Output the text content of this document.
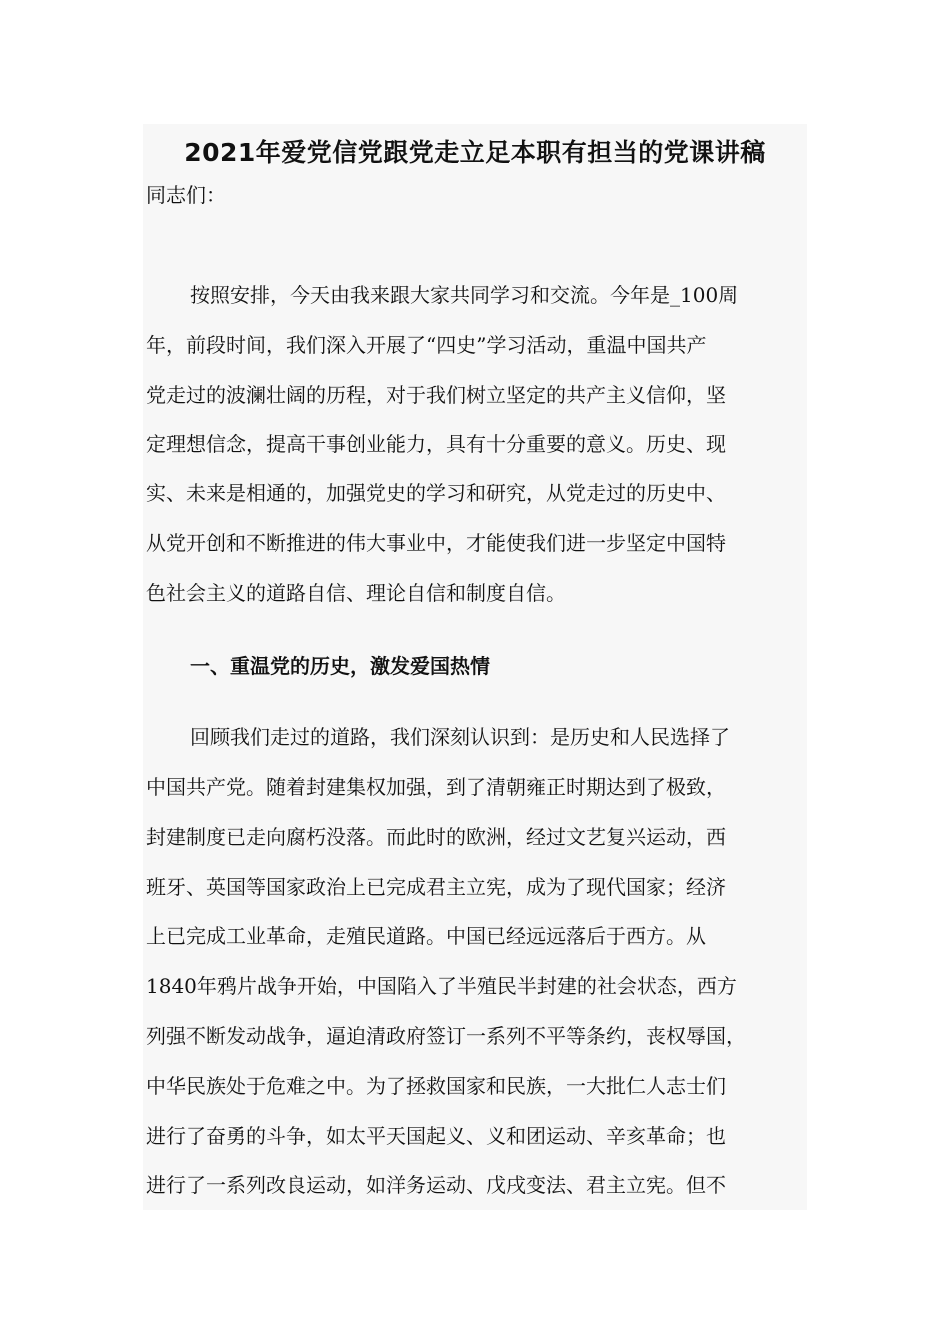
2021年爱党信党跟党走立足本职有担当的党课讲稿
同志们：
按照安排，今天由我来跟大家共同学习和交流。今年是_100周
年，前段时间，我们深入开展了“四史”学习活动，重温中国共产
党走过的波澜壮阔的历程，对于我们树立坚定的共产主义信仰，坚
定理想信念，提高干事创业能力，具有十分重要的意义。历史、现
实、未来是相通的，加强党史的学习和研究，从党走过的历史中、
从党开创和不断推进的伟大事业中，才能使我们进一步坚定中国特
色社会主义的道路自信、理论自信和制度自信。
一、重温党的历史，激发爱国热情
回顾我们走过的道路，我们深刻认识到：是历史和人民选择了
中国共产党。随着封建集权加强，到了清朝雍正时期达到了极致，
封建制度已走向腐朽没落。而此时的欧洲，经过文艺复兴运动，西
班牙、英国等国家政治上已完成君主立宪，成为了现代国家；经济
上已完成工业革命，走殖民道路。中国已经远远落后于西方。从
1840年鸦片战争开始，中国陷入了半殖民半封建的社会状态，西方
列强不断发动战争，逼迫清政府签订一系列不平等条约，丧权辱国，
中华民族处于危难之中。为了拯救国家和民族，一大批仁人志士们
进行了奋勇的斗争，如太平天国起义、义和团运动、辛亥革命；也
进行了一系列改良运动，如洋务运动、戊戌变法、君主立宪。但不
